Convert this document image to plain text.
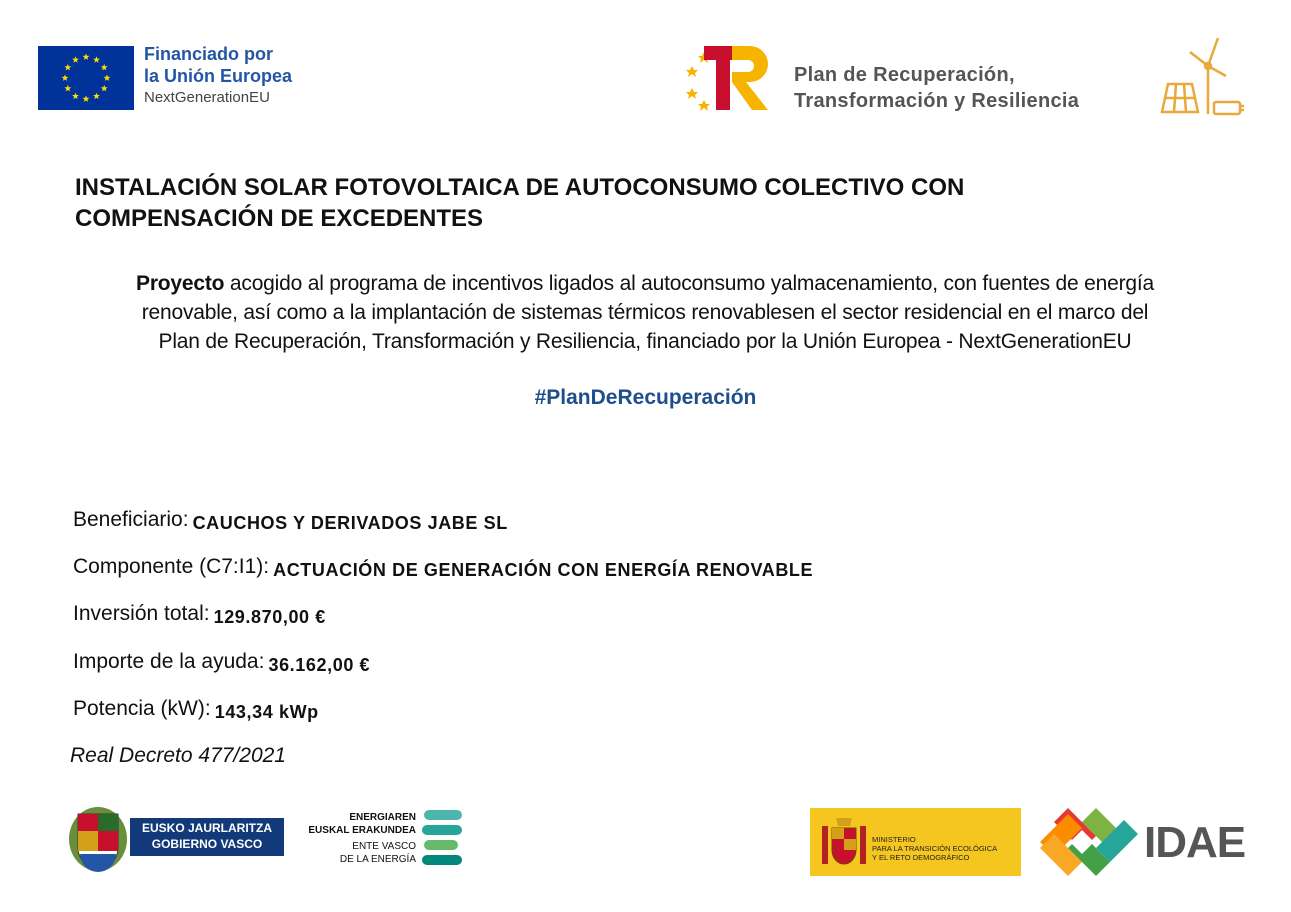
Financiado por
la Unión Europea
NextGenerationEU
Plan de Recuperación,
Transformación y Resiliencia
INSTALACIÓN SOLAR FOTOVOLTAICA DE AUTOCONSUMO COLECTIVO CON
COMPENSACIÓN DE EXCEDENTES
Proyecto acogido al programa de incentivos ligados al autoconsumo yalmacenamiento, con fuentes de energía
renovable, así como a la implantación de sistemas térmicos renovablesen el sector residencial en el marco del
Plan de Recuperación, Transformación y Resiliencia, financiado por la Unión Europea - NextGenerationEU
#PlanDeRecuperación
Beneficiario: CAUCHOS Y DERIVADOS JABE SL
Componente (C7:I1): ACTUACIÓN DE GENERACIÓN CON ENERGÍA RENOVABLE
Inversión total: 129.870,00 €
Importe de la ayuda: 36.162,00 €
Potencia (kW): 143,34 kWp
Real Decreto 477/2021
EUSKO JAURLARITZA
GOBIERNO VASCO
ENERGIAREN
EUSKAL ERAKUNDEA
ENTE VASCO
DE LA ENERGÍA
MINISTERIO
PARA LA TRANSICIÓN ECOLÓGICA
Y EL RETO DEMOGRÁFICO	IDAE
